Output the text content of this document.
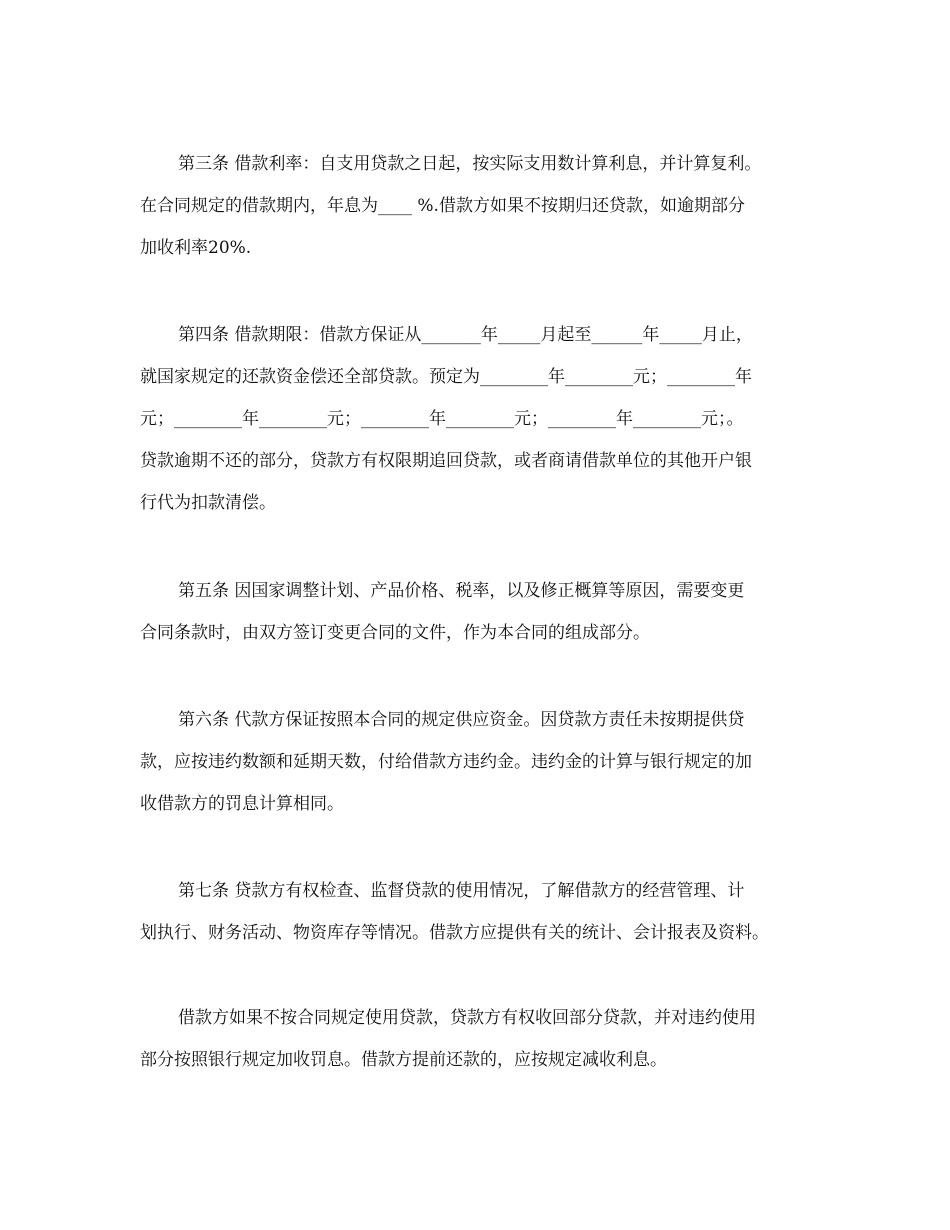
第三条 借款利率：自支用贷款之日起，按实际支用数计算利息，并计算复利。
在合同规定的借款期内，年息为____ %.借款方如果不按期归还贷款，如逾期部分
加收利率20%.
第四条 借款期限：借款方保证从_______年_____月起至______年_____月止，
就国家规定的还款资金偿还全部贷款。预定为________年________元；________年
元；________年________元；________年________元；________年________元；。
贷款逾期不还的部分，贷款方有权限期追回贷款，或者商请借款单位的其他开户银
行代为扣款清偿。
第五条 因国家调整计划、产品价格、税率，以及修正概算等原因，需要变更
合同条款时，由双方签订变更合同的文件，作为本合同的组成部分。
第六条 代款方保证按照本合同的规定供应资金。因贷款方责任未按期提供贷
款，应按违约数额和延期天数，付给借款方违约金。违约金的计算与银行规定的加
收借款方的罚息计算相同。
第七条 贷款方有权检查、监督贷款的使用情况，了解借款方的经营管理、计
划执行、财务活动、物资库存等情况。借款方应提供有关的统计、会计报表及资料。
借款方如果不按合同规定使用贷款，贷款方有权收回部分贷款，并对违约使用
部分按照银行规定加收罚息。借款方提前还款的，应按规定减收利息。
